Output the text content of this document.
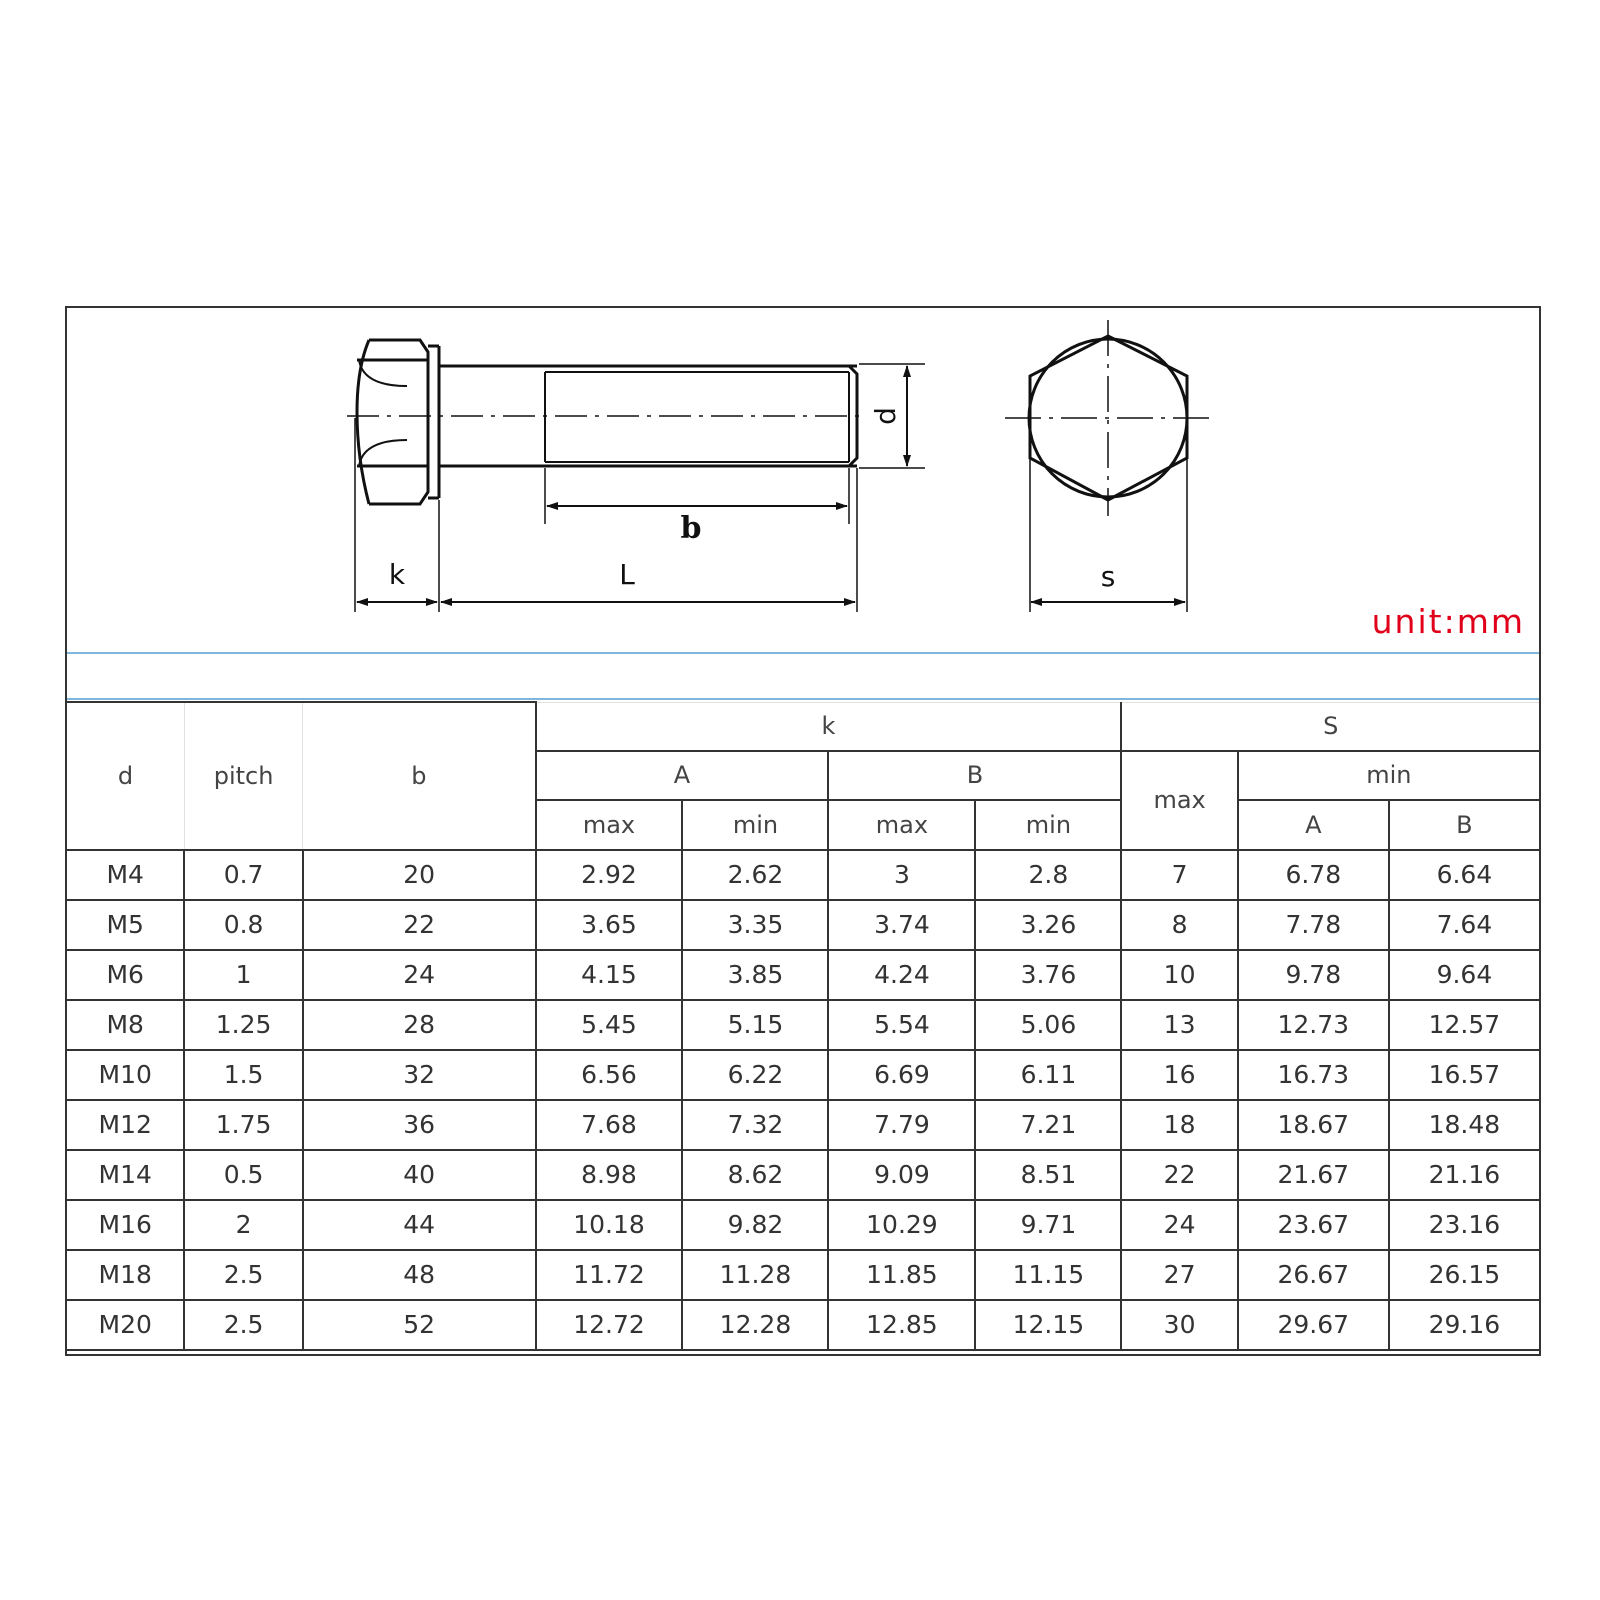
k	L
b
d
s
unit:mm
d	pitch	b	k				S		
			A		B		max	min	
			max	min	max	min		A	B
M4	0.7	20	2.92	2.62	3	2.8	7	6.78	6.64
M5	0.8	22	3.65	3.35	3.74	3.26	8	7.78	7.64
M6	1	24	4.15	3.85	4.24	3.76	10	9.78	9.64
M8	1.25	28	5.45	5.15	5.54	5.06	13	12.73	12.57
M10	1.5	32	6.56	6.22	6.69	6.11	16	16.73	16.57
M12	1.75	36	7.68	7.32	7.79	7.21	18	18.67	18.48
M14	0.5	40	8.98	8.62	9.09	8.51	22	21.67	21.16
M16	2	44	10.18	9.82	10.29	9.71	24	23.67	23.16
M18	2.5	48	11.72	11.28	11.85	11.15	27	26.67	26.15
M20	2.5	52	12.72	12.28	12.85	12.15	30	29.67	29.16
